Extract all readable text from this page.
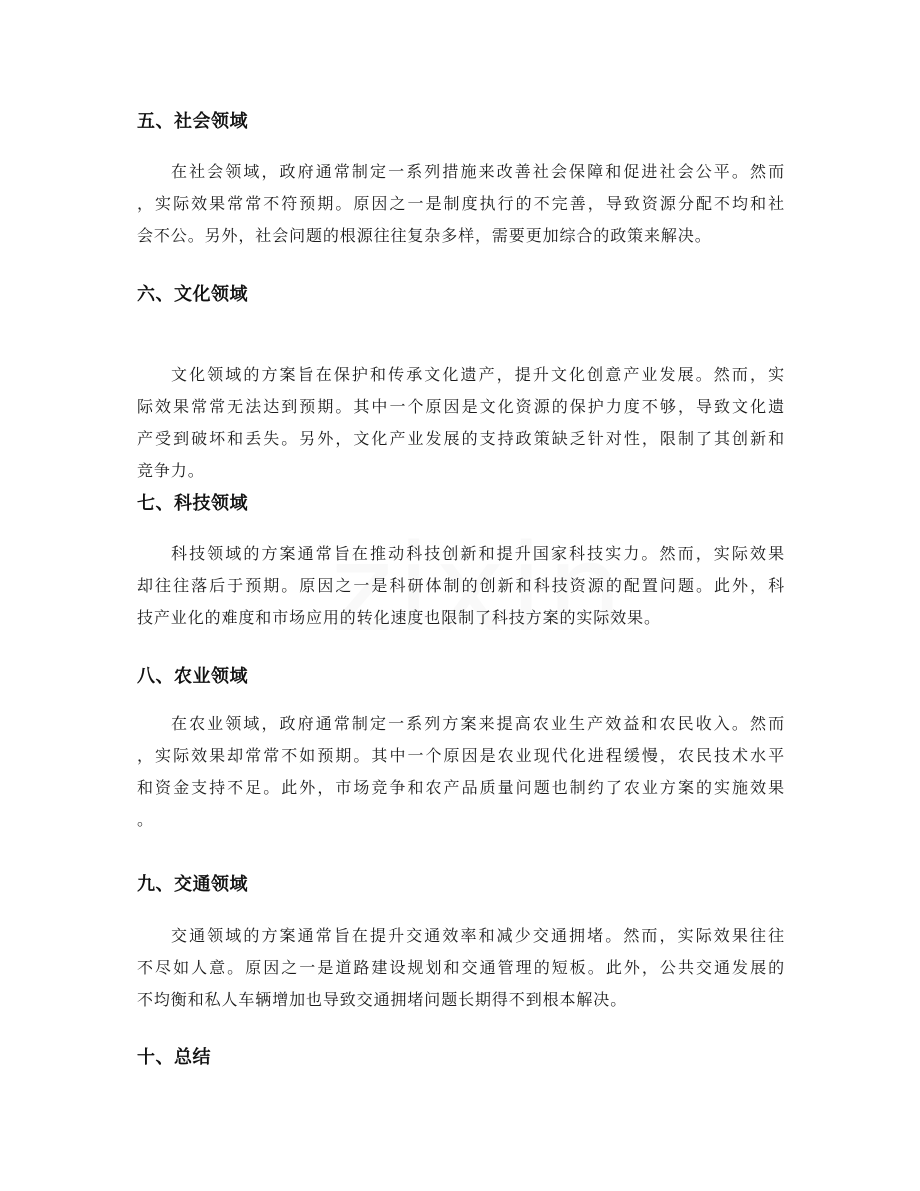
五、社会领域
在社会领域，政府通常制定一系列措施来改善社会保障和促进社会公平。然而
，实际效果常常不符预期。原因之一是制度执行的不完善，导致资源分配不均和社
会不公。另外，社会问题的根源往往复杂多样，需要更加综合的政策来解决。
六、文化领域
文化领域的方案旨在保护和传承文化遗产，提升文化创意产业发展。然而，实
际效果常常无法达到预期。其中一个原因是文化资源的保护力度不够，导致文化遗
产受到破坏和丢失。另外，文化产业发展的支持政策缺乏针对性，限制了其创新和
竞争力。
七、科技领域
科技领域的方案通常旨在推动科技创新和提升国家科技实力。然而，实际效果
却往往落后于预期。原因之一是科研体制的创新和科技资源的配置问题。此外，科
技产业化的难度和市场应用的转化速度也限制了科技方案的实际效果。
八、农业领域
在农业领域，政府通常制定一系列方案来提高农业生产效益和农民收入。然而
，实际效果却常常不如预期。其中一个原因是农业现代化进程缓慢，农民技术水平
和资金支持不足。此外，市场竞争和农产品质量问题也制约了农业方案的实施效果
。
九、交通领域
交通领域的方案通常旨在提升交通效率和减少交通拥堵。然而，实际效果往往
不尽如人意。原因之一是道路建设规划和交通管理的短板。此外，公共交通发展的
不均衡和私人车辆增加也导致交通拥堵问题长期得不到根本解决。
十、总结
